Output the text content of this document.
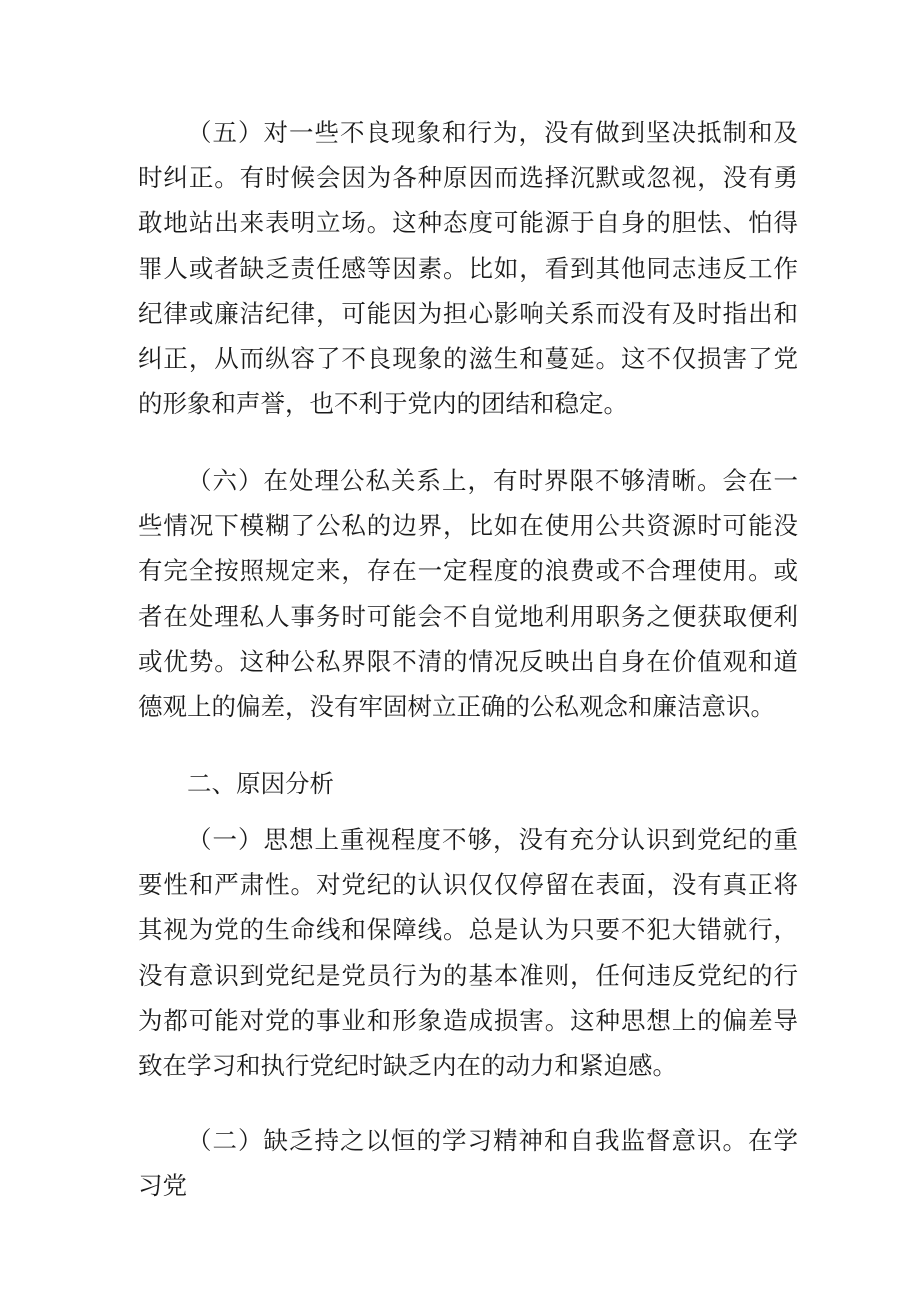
（五）对一些不良现象和行为，没有做到坚决抵制和及时纠正。有时候会因为各种原因而选择沉默或忽视，没有勇敢地站出来表明立场。这种态度可能源于自身的胆怯、怕得罪人或者缺乏责任感等因素。比如，看到其他同志违反工作纪律或廉洁纪律，可能因为担心影响关系而没有及时指出和纠正，从而纵容了不良现象的滋生和蔓延。这不仅损害了党的形象和声誉，也不利于党内的团结和稳定。

（六）在处理公私关系上，有时界限不够清晰。会在一些情况下模糊了公私的边界，比如在使用公共资源时可能没有完全按照规定来，存在一定程度的浪费或不合理使用。或者在处理私人事务时可能会不自觉地利用职务之便获取便利或优势。这种公私界限不清的情况反映出自身在价值观和道德观上的偏差，没有牢固树立正确的公私观念和廉洁意识。

二、原因分析

（一）思想上重视程度不够，没有充分认识到党纪的重要性和严肃性。对党纪的认识仅仅停留在表面，没有真正将其视为党的生命线和保障线。总是认为只要不犯大错就行，没有意识到党纪是党员行为的基本准则，任何违反党纪的行为都可能对党的事业和形象造成损害。这种思想上的偏差导致在学习和执行党纪时缺乏内在的动力和紧迫感。

（二）缺乏持之以恒的学习精神和自我监督意识。在学习党
